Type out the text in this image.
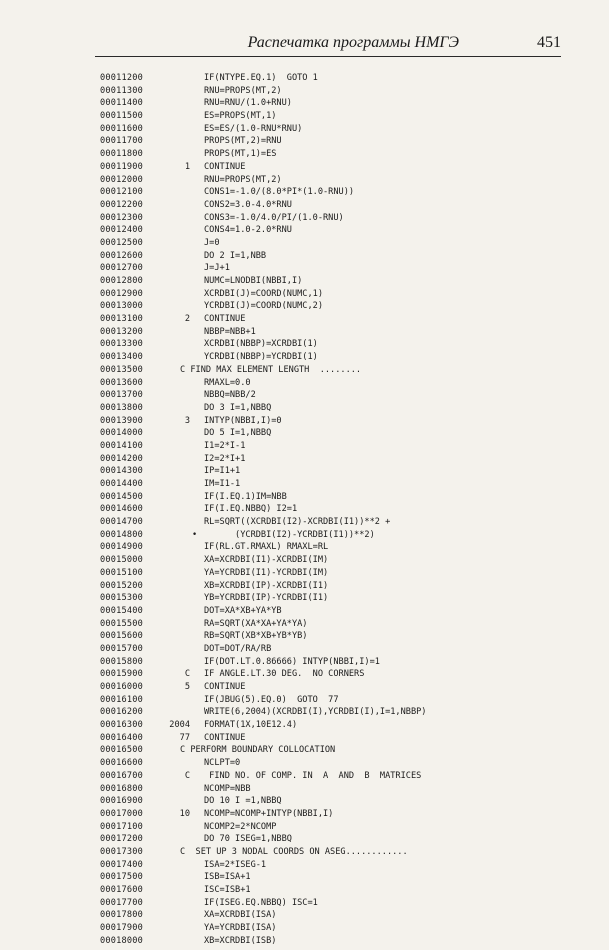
Распечатка программы НМГЭ	451
00011200	IF(NTYPE.EQ.1)  GOTO 1
00011300	RNU=PROPS(MT,2)
00011400	RNU=RNU/(1.0+RNU)
00011500	ES=PROPS(MT,1)
00011600	ES=ES/(1.0-RNU*RNU)
00011700	PROPS(MT,2)=RNU
00011800	PROPS(MT,1)=ES
00011900	1 CONTINUE
00012000	RNU=PROPS(MT,2)
00012100	CONS1=-1.0/(8.0*PI*(1.0-RNU))
00012200	CONS2=3.0-4.0*RNU
00012300	CONS3=-1.0/4.0/PI/(1.0-RNU)
00012400	CONS4=1.0-2.0*RNU
00012500	J=0
00012600	DO 2 I=1,NBB
00012700	J=J+1
00012800	NUMC=LNODBI(NBBI,I)
00012900	XCRDBI(J)=COORD(NUMC,1)
00013000	YCRDBI(J)=COORD(NUMC,2)
00013100	2 CONTINUE
00013200	NBBP=NBB+1
00013300	XCRDBI(NBBP)=XCRDBI(1)
00013400	YCRDBI(NBBP)=YCRDBI(1)
00013500	C FIND MAX ELEMENT LENGTH  ........
00013600	RMAXL=0.0
00013700	NBBQ=NBB/2
00013800	DO 3 I=1,NBBQ
00013900	3 INTYP(NBBI,I)=0
00014000	DO 5 I=1,NBBQ
00014100	I1=2*I-1
00014200	I2=2*I+1
00014300	IP=I1+1
00014400	IM=I1-1
00014500	IF(I.EQ.1)IM=NBB
00014600	IF(I.EQ.NBBQ) I2=1
00014700	RL=SQRT((XCRDBI(I2)-XCRDBI(I1))**2 +
00014800	• (YCRDBI(I2)-YCRDBI(I1))**2)
00014900	IF(RL.GT.RMAXL) RMAXL=RL
00015000	XA=XCRDBI(I1)-XCRDBI(IM)
00015100	YA=YCRDBI(I1)-YCRDBI(IM)
00015200	XB=XCRDBI(IP)-XCRDBI(I1)
00015300	YB=YCRDBI(IP)-YCRDBI(I1)
00015400	DOT=XA*XB+YA*YB
00015500	RA=SQRT(XA*XA+YA*YA)
00015600	RB=SQRT(XB*XB+YB*YB)
00015700	DOT=DOT/RA/RB
00015800	IF(DOT.LT.0.86666) INTYP(NBBI,I)=1
00015900	C IF ANGLE.LT.30 DEG.  NO CORNERS
00016000	5 CONTINUE
00016100	IF(JBUG(5).EQ.0)  GOTO  77
00016200	WRITE(6,2004)(XCRDBI(I),YCRDBI(I),I=1,NBBP)
00016300	2004 FORMAT(1X,10E12.4)
00016400	77 CONTINUE
00016500	C PERFORM BOUNDARY COLLOCATION
00016600	NCLPT=0
00016700	C FIND NO. OF COMP. IN  A  AND  B  MATRICES
00016800	NCOMP=NBB
00016900	DO 10 I =1,NBBQ
00017000	10 NCOMP=NCOMP+INTYP(NBBI,I)
00017100	NCOMP2=2*NCOMP
00017200	DO 70 ISEG=1,NBBQ
00017300	C  SET UP 3 NODAL COORDS ON ASEG............
00017400	ISA=2*ISEG-1
00017500	ISB=ISA+1
00017600	ISC=ISB+1
00017700	IF(ISEG.EQ.NBBQ) ISC=1
00017800	XA=XCRDBI(ISA)
00017900	YA=YCRDBI(ISA)
00018000	XB=XCRDBI(ISB)
